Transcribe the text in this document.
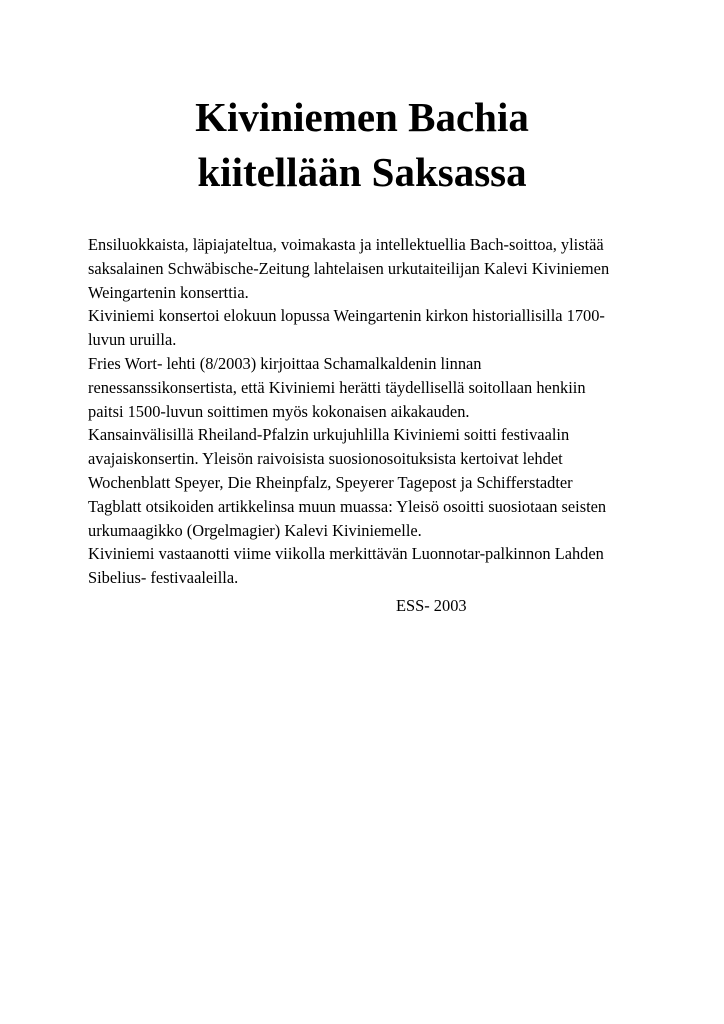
Kiviniemen Bachia
kiitellään Saksassa
Ensiluokkaista, läpiajateltua, voimakasta ja intellektuellia Bach-soittoa, ylistää
saksalainen Schwäbische-Zeitung lahtelaisen urkutaiteilijan Kalevi Kiviniemen
Weingartenin konserttia.
Kiviniemi konsertoi elokuun lopussa Weingartenin kirkon historiallisilla 1700-
luvun uruilla.
Fries Wort- lehti (8/2003) kirjoittaa Schamalkaldenin linnan
renessanssikonsertista, että Kiviniemi herätti täydellisellä soitollaan henkiin
paitsi 1500-luvun soittimen myös kokonaisen aikakauden.
Kansainvälisillä Rheiland-Pfalzin urkujuhlilla Kiviniemi soitti festivaalin
avajaiskonsertin. Yleisön raivoisista suosionosoituksista kertoivat lehdet
Wochenblatt Speyer, Die Rheinpfalz, Speyerer Tagepost ja Schifferstadter
Tagblatt otsikoiden artikkelinsa muun muassa: Yleisö osoitti suosiotaan seisten
urkumaagikko (Orgelmagier) Kalevi Kiviniemelle.
Kiviniemi vastaanotti viime viikolla merkittävän Luonnotar-palkinnon Lahden
Sibelius- festivaaleilla.
ESS- 2003
